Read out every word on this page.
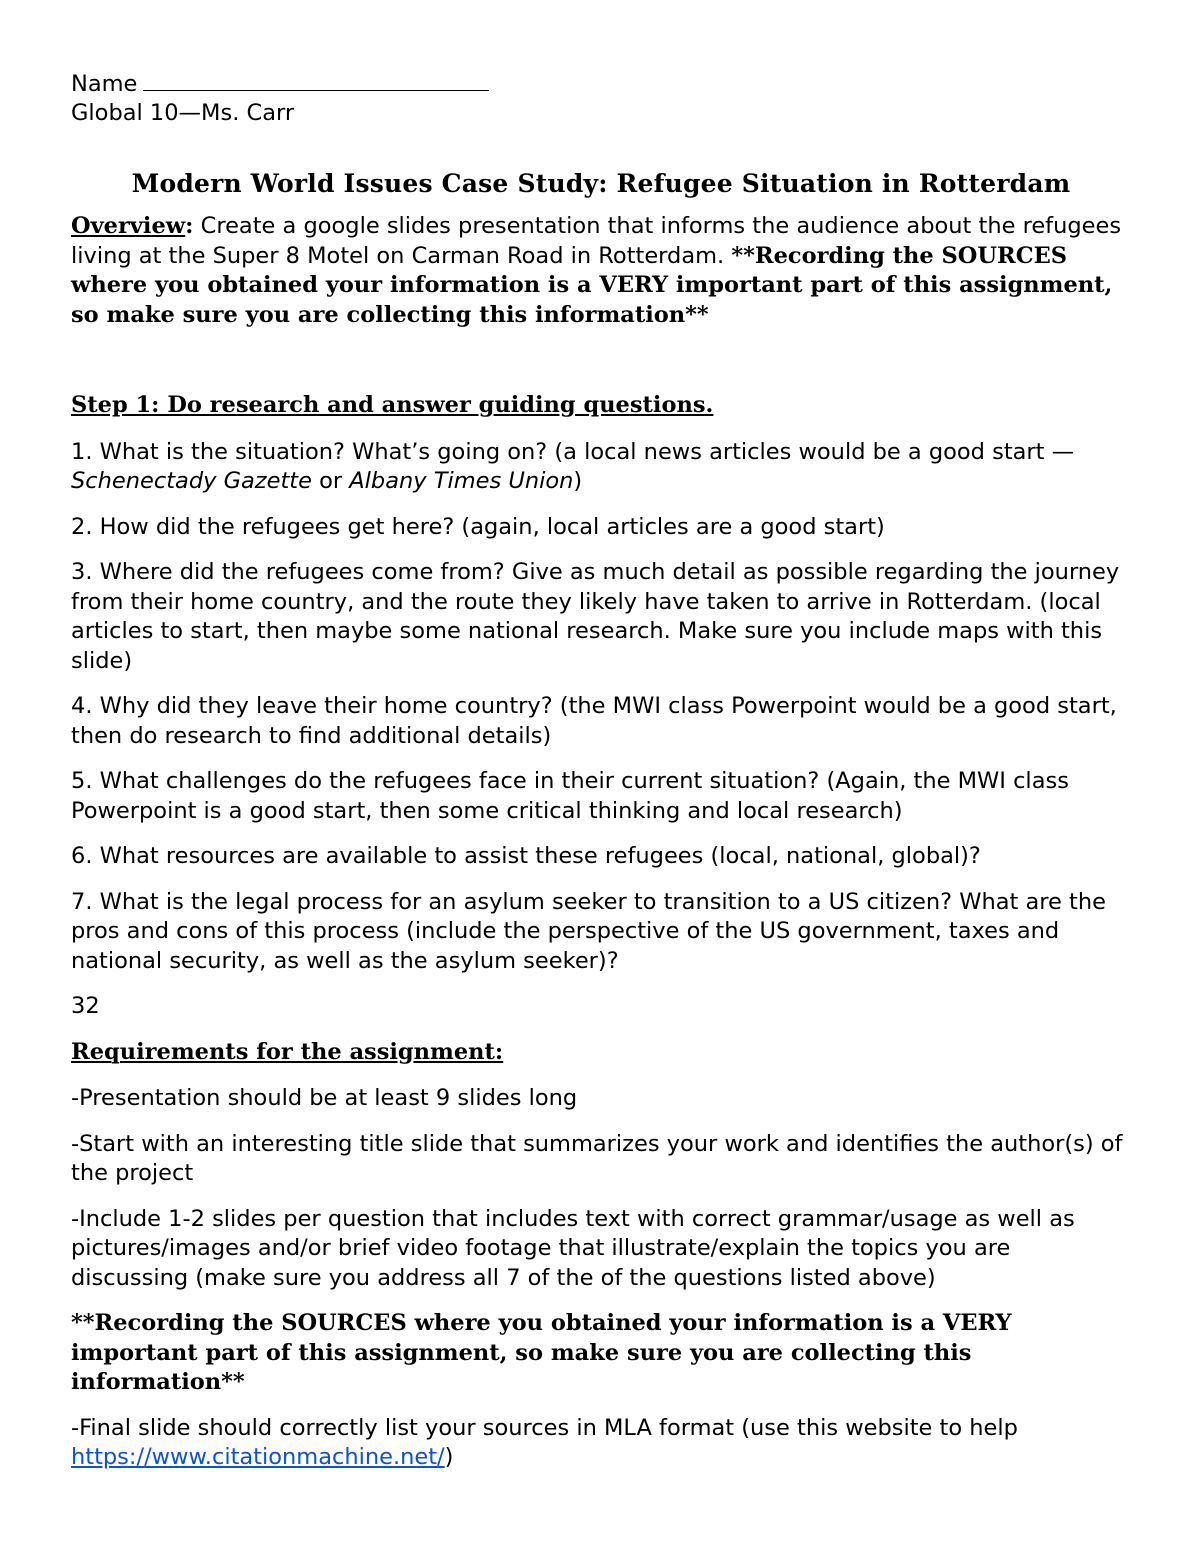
Name

Global 10—Ms. Carr

Modern World Issues Case Study: Refugee Situation in Rotterdam

Overview: Create a google slides presentation that informs the audience about the refugees living at the Super 8 Motel on Carman Road in Rotterdam. **Recording the SOURCES where you obtained your information is a VERY important part of this assignment, so make sure you are collecting this information**

Step 1: Do research and answer guiding questions.

1. What is the situation? What’s going on? (a local news articles would be a good start —Schenectady Gazette or Albany Times Union)

2. How did the refugees get here? (again, local articles are a good start)

3. Where did the refugees come from? Give as much detail as possible regarding the journey from their home country, and the route they likely have taken to arrive in Rotterdam. (local articles to start, then maybe some national research. Make sure you include maps with this slide)

4. Why did they leave their home country? (the MWI class Powerpoint would be a good start, then do research to find additional details)

5. What challenges do the refugees face in their current situation? (Again, the MWI class Powerpoint is a good start, then some critical thinking and local research)

6. What resources are available to assist these refugees (local, national, global)?

7. What is the legal process for an asylum seeker to transition to a US citizen? What are the pros and cons of this process (include the perspective of the US government, taxes and national security, as well as the asylum seeker)?

32

Requirements for the assignment:

-Presentation should be at least 9 slides long

-Start with an interesting title slide that summarizes your work and identifies the author(s) of the project

-Include 1-2 slides per question that includes text with correct grammar/usage as well as pictures/images and/or brief video footage that illustrate/explain the topics you are discussing (make sure you address all 7 of the of the questions listed above)

**Recording the SOURCES where you obtained your information is a VERY important part of this assignment, so make sure you are collecting this information**

-Final slide should correctly list your sources in MLA format (use this website to help https://www.citationmachine.net/)
